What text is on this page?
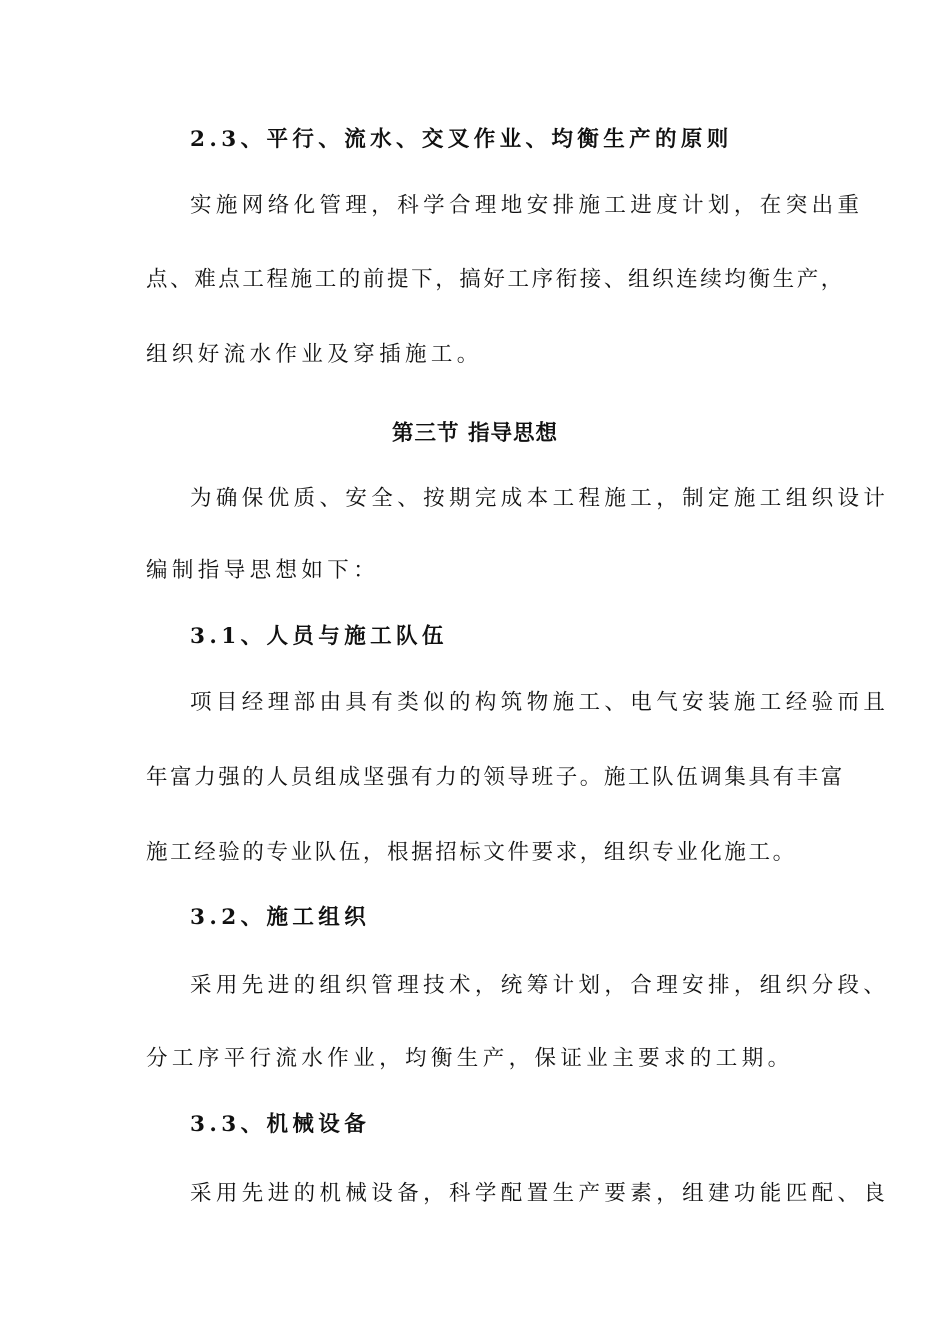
2.3、平行、流水、交叉作业、均衡生产的原则
实施网络化管理，科学合理地安排施工进度计划，在突出重
点、难点工程施工的前提下，搞好工序衔接、组织连续均衡生产，
组织好流水作业及穿插施工。
第三节 指导思想
为确保优质、安全、按期完成本工程施工，制定施工组织设计
编制指导思想如下：
3.1、人员与施工队伍
项目经理部由具有类似的构筑物施工、电气安装施工经验而且
年富力强的人员组成坚强有力的领导班子。施工队伍调集具有丰富
施工经验的专业队伍，根据招标文件要求，组织专业化施工。
3.2、施工组织
采用先进的组织管理技术，统筹计划，合理安排，组织分段、
分工序平行流水作业，均衡生产，保证业主要求的工期。
3.3、机械设备
采用先进的机械设备，科学配置生产要素，组建功能匹配、良
